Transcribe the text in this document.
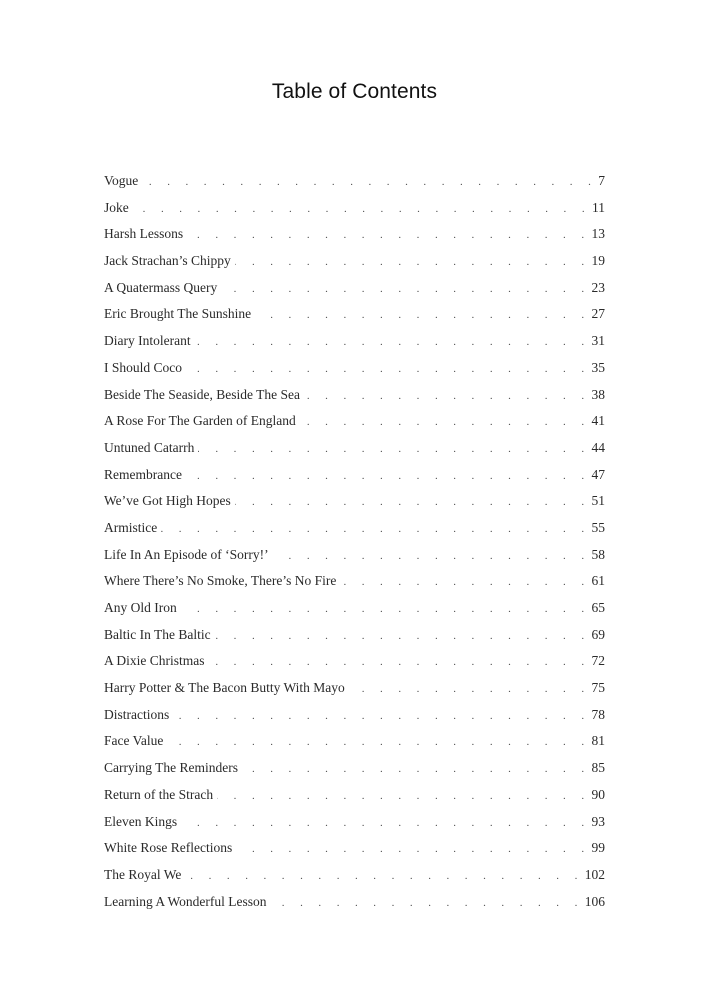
Table of Contents
Vogue . . .	7
Joke . . .	11
Harsh Lessons . . .	13
Jack Strachan’s Chippy . . .	19
A Quatermass Query . . .	23
Eric Brought The Sunshine . . .	27
Diary Intolerant . . .	31
I Should Coco . . .	35
Beside The Seaside, Beside The Sea . . .	38
A Rose For The Garden of England . . .	41
Untuned Catarrh . . .	44
Remembrance . . .	47
We’ve Got High Hopes . . .	51
Armistice . . .	55
Life In An Episode of ‘Sorry!’ . . .	58
Where There’s No Smoke, There’s No Fire . . .	61
Any Old Iron . . .	65
Baltic In The Baltic . . .	69
A Dixie Christmas . . .	72
Harry Potter & The Bacon Butty With Mayo . . .	75
Distractions . . .	78
Face Value . . .	81
Carrying The Reminders . . .	85
Return of the Strach . . .	90
Eleven Kings . . .	93
White Rose Reflections . . .	99
The Royal We . . .	102
Learning A Wonderful Lesson . . .	106
